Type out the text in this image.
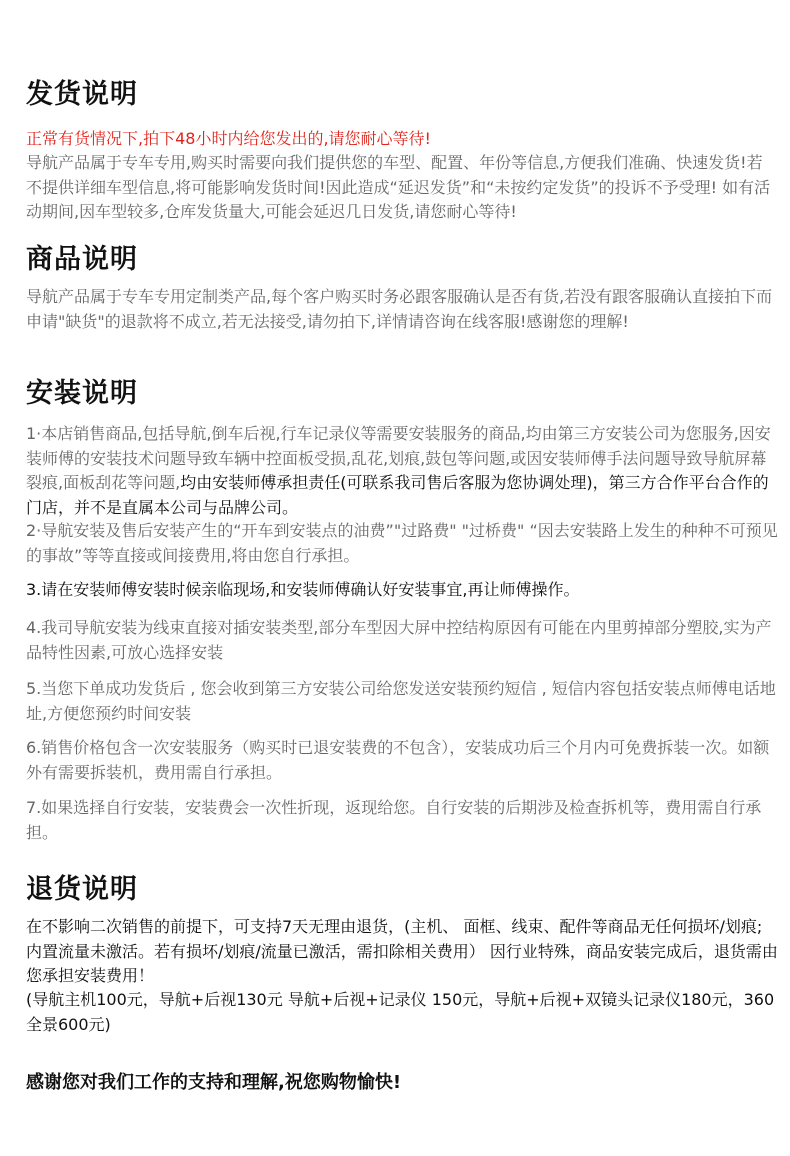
发货说明

正常有货情况下,拍下48小时内给您发出的,请您耐心等待!

导航产品属于专车专用,购买时需要向我们提供您的车型、配置、年份等信息,方便我们准确、快速发货!若不提供详细车型信息,将可能影响发货时间!因此造成“延迟发货”和“未按约定发货”的投诉不予受理! 如有活动期间,因车型较多,仓库发货量大,可能会延迟几日发货,请您耐心等待!

商品说明

导航产品属于专车专用定制类产品,每个客户购买时务必跟客服确认是否有货,若没有跟客服确认直接拍下而申请"缺货"的退款将不成立,若无法接受,请勿拍下,详情请咨询在线客服!感谢您的理解!

安装说明

1·本店销售商品,包括导航,倒车后视,行车记录仪等需要安装服务的商品,均由第三方安装公司为您服务,因安装师傅的安装技术问题导致车辆中控面板受损,乱花,划痕,鼓包等问题,或因安装师傅手法问题导致导航屏幕裂痕,面板刮花等问题,均由安装师傅承担责任(可联系我司售后客服为您协调处理)，第三方合作平台合作的门店，并不是直属本公司与品牌公司。

2·导航安装及售后安装产生的“开车到安装点的油费”"过路费" "过桥费" “因去安装路上发生的种种不可预见的事故”等等直接或间接费用,将由您自行承担。

3.请在安装师傅安装时候亲临现场,和安装师傅确认好安装事宜,再让师傅操作。

4.我司导航安装为线束直接对插安装类型,部分车型因大屏中控结构原因有可能在内里剪掉部分塑胶,实为产品特性因素,可放心选择安装

5.当您下单成功发货后 , 您会收到第三方安装公司给您发送安装预约短信 , 短信内容包括安装点师傅电话地址,方便您预约时间安装

6.销售价格包含一次安装服务（购买时已退安装费的不包含），安装成功后三个月内可免费拆装一次。如额外有需要拆装机，费用需自行承担。

7.如果选择自行安装，安装费会一次性折现，返现给您。自行安装的后期涉及检查拆机等，费用需自行承担。

退货说明

在不影响二次销售的前提下，可支持7天无理由退货，(主机、 面框、线束、配件等商品无任何损坏/划痕;内置流量未激活。若有损坏/划痕/流量已激活，需扣除相关费用） 因行业特殊，商品安装完成后，退货需由您承担安装费用！

(导航主机100元，导航+后视130元 导航+后视+记录仪 150元，导航+后视+双镜头记录仪180元，360全景600元)

感谢您对我们工作的支持和理解,祝您购物愉快!
